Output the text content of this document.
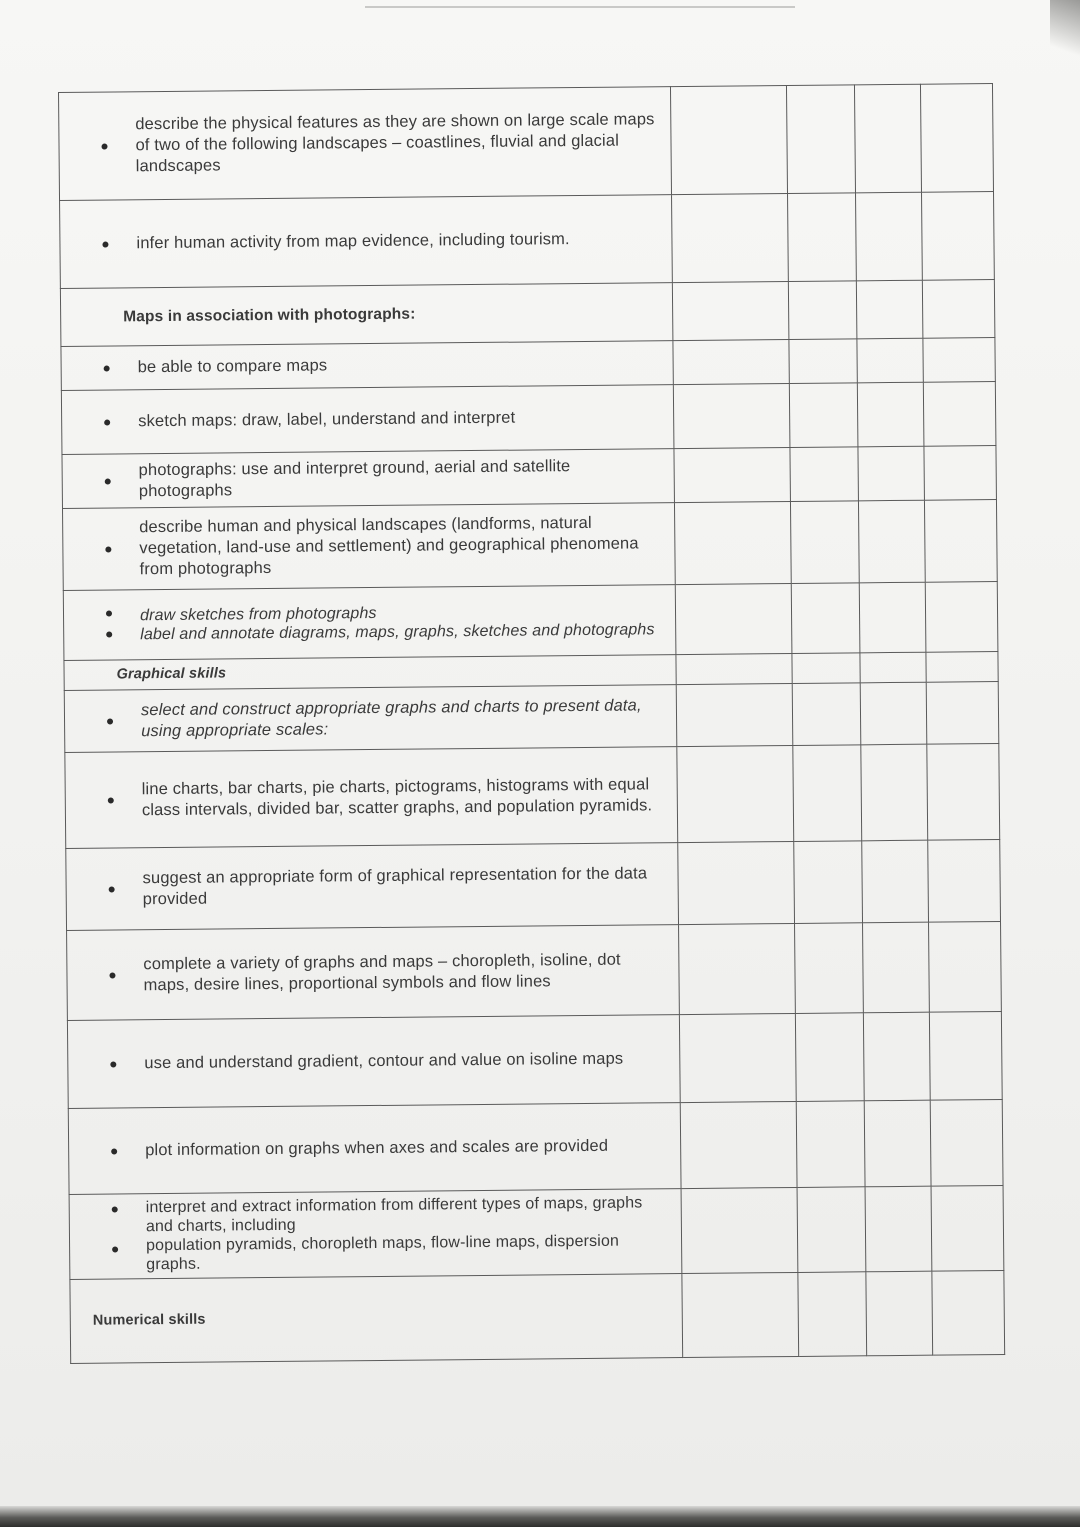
describe the physical features as they are shown on large scale maps of two of the following landscapes – coastlines, fluvial and glacial landscapes				

infer human activity from map evidence, including tourism.				

Maps in association with photographs:				

be able to compare maps				

sketch maps: draw, label, understand and interpret				

photographs: use and interpret ground, aerial and satellite photographs				

describe human and physical landscapes (landforms, natural vegetation, land-use and settlement) and geographical phenomena from photographs				

draw sketches from photographs
label and annotate diagrams, maps, graphs, sketches and photographs				

Graphical skills				

select and construct appropriate graphs and charts to present data, using appropriate scales:				

line charts, bar charts, pie charts, pictograms, histograms with equal class intervals, divided bar, scatter graphs, and population pyramids.				

suggest an appropriate form of graphical representation for the data provided				

complete a variety of graphs and maps – choropleth, isoline, dot maps, desire lines, proportional symbols and flow lines				

use and understand gradient, contour and value on isoline maps				

plot information on graphs when axes and scales are provided				

interpret and extract information from different types of maps, graphs and charts, including
population pyramids, choropleth maps, flow-line maps, dispersion graphs.				

Numerical skills				
